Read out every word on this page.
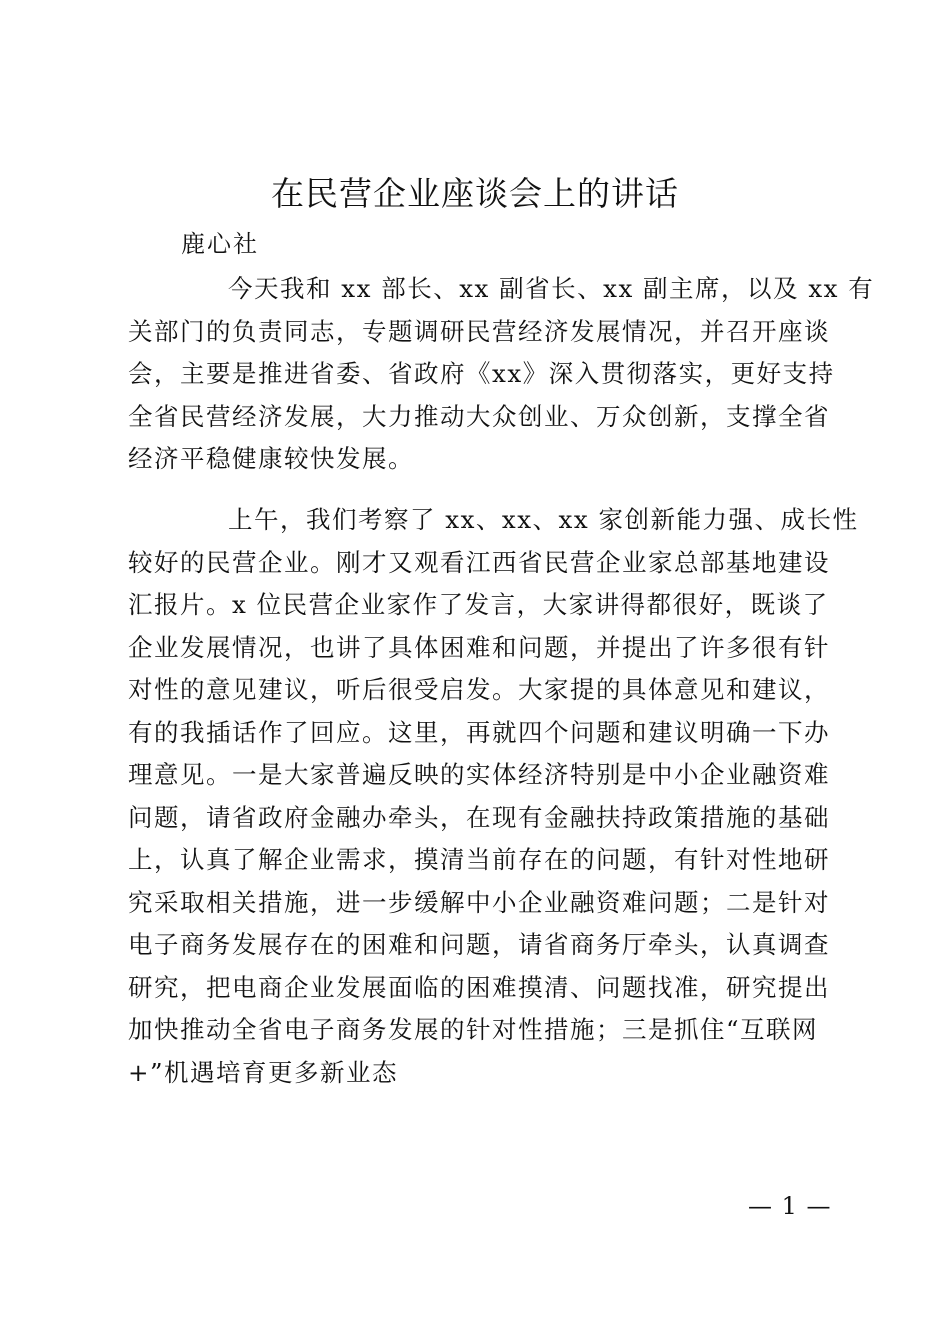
在民营企业座谈会上的讲话
鹿心社
今天我和 xx 部长、xx 副省长、xx 副主席，以及 xx 有
关部门的负责同志，专题调研民营经济发展情况，并召开座谈
会，主要是推进省委、省政府《xx》深入贯彻落实，更好支持
全省民营经济发展，大力推动大众创业、万众创新，支撑全省
经济平稳健康较快发展。
上午，我们考察了 xx、xx、xx 家创新能力强、成长性
较好的民营企业。刚才又观看江西省民营企业家总部基地建设
汇报片。x 位民营企业家作了发言，大家讲得都很好，既谈了
企业发展情况，也讲了具体困难和问题，并提出了许多很有针
对性的意见建议，听后很受启发。大家提的具体意见和建议，
有的我插话作了回应。这里，再就四个问题和建议明确一下办
理意见。一是大家普遍反映的实体经济特别是中小企业融资难
问题，请省政府金融办牵头，在现有金融扶持政策措施的基础
上，认真了解企业需求，摸清当前存在的问题，有针对性地研
究采取相关措施，进一步缓解中小企业融资难问题；二是针对
电子商务发展存在的困难和问题，请省商务厅牵头，认真调查
研究，把电商企业发展面临的困难摸清、问题找准，研究提出
加快推动全省电子商务发展的针对性措施；三是抓住“互联网
+”机遇培育更多新业态
— 1 —
